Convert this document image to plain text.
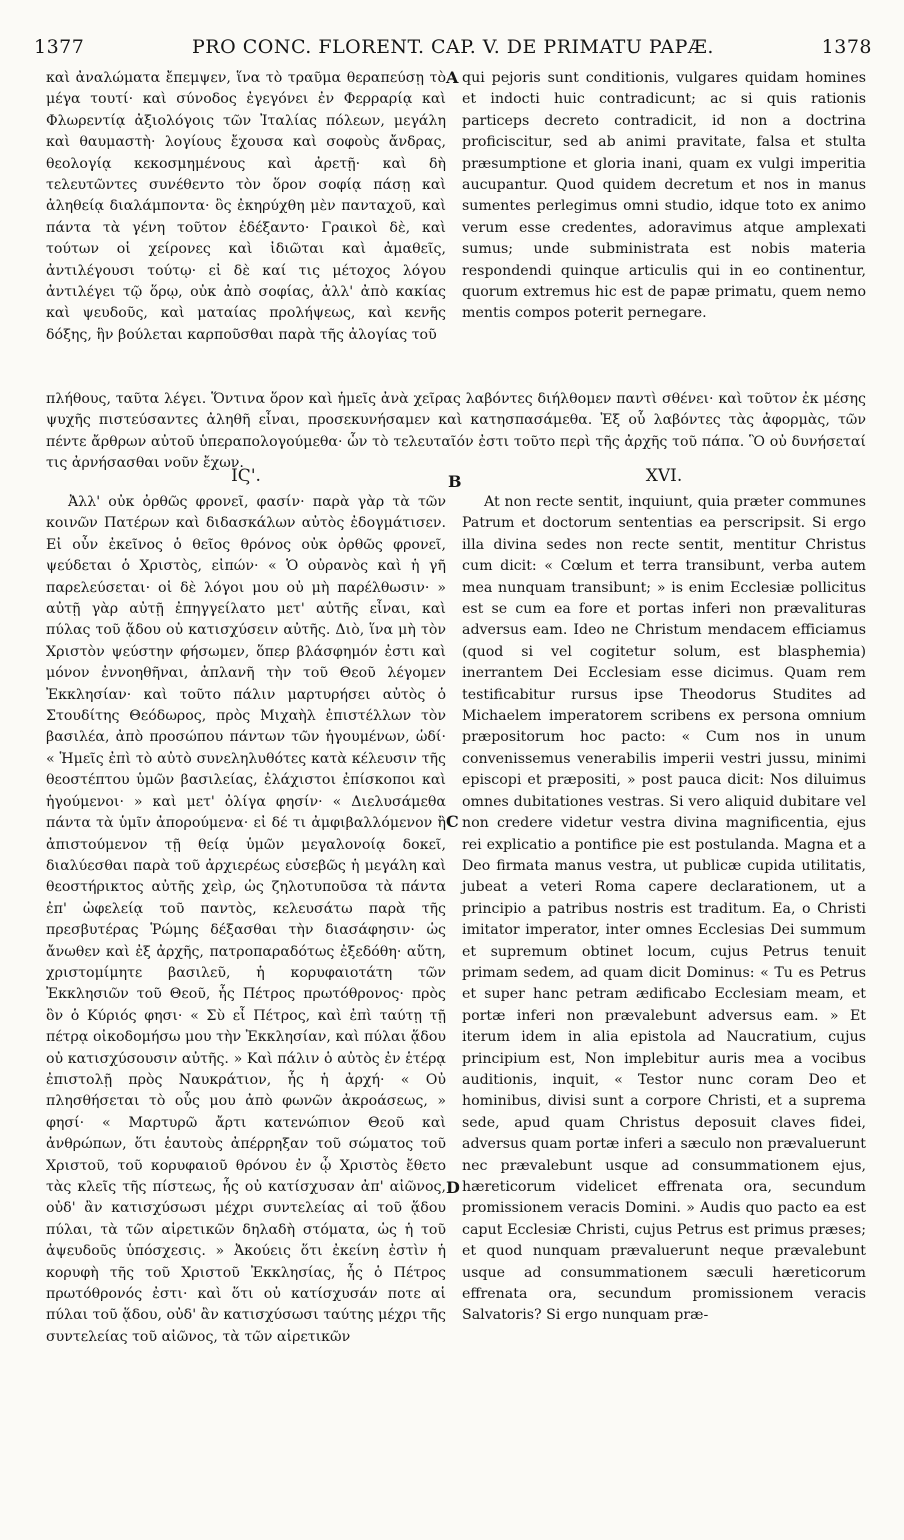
1377	PRO CONC. FLORENT. CAP. V. DE PRIMATU PAPÆ.	1378

καὶ ἀναλώματα ἔπεμψεν, ἵνα τὸ τραῦμα θεραπεύσῃ τὸ μέγα τουτί· καὶ σύνοδος ἐγεγόνει ἐν Φερραρίᾳ καὶ Φλωρεντίᾳ ἀξιολόγοις τῶν Ἰταλίας πόλεων, μεγάλη καὶ θαυμαστὴ· λογίους ἔχουσα καὶ σοφοὺς ἄνδρας, θεολογίᾳ κεκοσμημένους καὶ ἀρετῇ· καὶ δὴ τελευτῶντες συνέθεντο τὸν ὅρον σοφίᾳ πάσῃ καὶ ἀληθείᾳ διαλάμποντα· ὃς ἐκηρύχθη μὲν πανταχοῦ, καὶ πάντα τὰ γένη τοῦτον ἐδέξαντο· Γραικοὶ δὲ, καὶ τούτων οἱ χείρονες καὶ ἰδιῶται καὶ ἀμαθεῖς, ἀντιλέγουσι τούτῳ· εἰ δὲ καί τις μέτοχος λόγου ἀντιλέγει τῷ ὅρῳ, οὐκ ἀπὸ σοφίας, ἀλλ' ἀπὸ κακίας καὶ ψευδοῦς, καὶ ματαίας προλήψεως, καὶ κενῆς δόξης, ἣν βούλεται καρποῦσθαι παρὰ τῆς ἀλογίας τοῦ

qui pejoris sunt conditionis, vulgares quidam homines et indocti huic contradicunt; ac si quis rationis particeps decreto contradicit, id non a doctrina proficiscitur, sed ab animi pravitate, falsa et stulta præsumptione et gloria inani, quam ex vulgi imperitia aucupantur. Quod quidem decretum et nos in manus sumentes perlegimus omni studio, idque toto ex animo verum esse credentes, adoravimus atque amplexati sumus; unde subministrata est nobis materia respondendi quinque articulis qui in eo continentur, quorum extremus hic est de papæ primatu, quem nemo mentis compos poterit pernegare.

A

πλήθους, ταῦτα λέγει. Ὅντινα ὅρον καὶ ἡμεῖς ἀνὰ χεῖρας λαβόντες διήλθομεν παντὶ σθένει· καὶ τοῦτον ἐκ μέσης ψυχῆς πιστεύσαντες ἀληθῆ εἶναι, προσεκυνήσαμεν καὶ κατησπασάμεθα. Ἐξ οὗ λαβόντες τὰς ἀφορμὰς, τῶν πέντε ἄρθρων αὐτοῦ ὑπεραπολογούμεθα· ὧν τὸ τελευταῖόν ἐστι τοῦτο περὶ τῆς ἀρχῆς τοῦ πάπα. Ὃ οὐ δυνήσεταί τις ἀρνήσασθαι νοῦν ἔχων.

ΙϚ'.	B	XVI.

Ἀλλ' οὐκ ὀρθῶς φρονεῖ, φασίν· παρὰ γὰρ τὰ τῶν κοινῶν Πατέρων καὶ διδασκάλων αὐτὸς ἐδογμάτισεν. Εἰ οὖν ἐκεῖνος ὁ θεῖος θρόνος οὐκ ὀρθῶς φρονεῖ, ψεύδεται ὁ Χριστὸς, εἰπών· « Ὁ οὐρανὸς καὶ ἡ γῆ παρελεύσεται· οἱ δὲ λόγοι μου οὐ μὴ παρέλθωσιν· » αὐτῇ γὰρ αὐτῇ ἐπηγγείλατο μετ' αὐτῆς εἶναι, καὶ πύλας τοῦ ᾅδου οὐ κατισχύσειν αὐτῆς. Διὸ, ἵνα μὴ τὸν Χριστὸν ψεύστην φήσωμεν, ὅπερ βλάσφημόν ἐστι καὶ μόνον ἐννοηθῆναι, ἀπλανῆ τὴν τοῦ Θεοῦ λέγομεν Ἐκκλησίαν· καὶ τοῦτο πάλιν μαρτυρήσει αὐτὸς ὁ Στουδίτης Θεόδωρος, πρὸς Μιχαὴλ ἐπιστέλλων τὸν βασιλέα, ἀπὸ προσώπου πάντων τῶν ἡγουμένων, ὡδί· « Ἡμεῖς ἐπὶ τὸ αὐτὸ συνεληλυθότες κατὰ κέλευσιν τῆς θεοστέπτου ὑμῶν βασιλείας, ἐλάχιστοι ἐπίσκοποι καὶ ἡγούμενοι· » καὶ μετ' ὀλίγα φησίν· « Διελυσάμεθα πάντα τὰ ὑμῖν ἀπορούμενα· εἰ δέ τι ἀμφιβαλλόμενον ἢ ἀπιστούμενον τῇ θείᾳ ὑμῶν μεγαλονοίᾳ δοκεῖ, διαλύεσθαι παρὰ τοῦ ἀρχιερέως εὐσεβῶς ἡ μεγάλη καὶ θεοστήρικτος αὐτῆς χεὶρ, ὡς ζηλοτυποῦσα τὰ πάντα ἐπ' ὠφελείᾳ τοῦ παντὸς, κελευσάτω παρὰ τῆς πρεσβυτέρας Ῥώμης δέξασθαι τὴν διασάφησιν· ὡς ἄνωθεν καὶ ἐξ ἀρχῆς, πατροπαραδότως ἐξεδόθη· αὕτη, χριστομίμητε βασιλεῦ, ἡ κορυφαιοτάτη τῶν Ἐκκλησιῶν τοῦ Θεοῦ, ἧς Πέτρος πρωτόθρονος· πρὸς ὃν ὁ Κύριός φησι· « Σὺ εἶ Πέτρος, καὶ ἐπὶ ταύτῃ τῇ πέτρᾳ οἰκοδομήσω μου τὴν Ἐκκλησίαν, καὶ πύλαι ᾅδου οὐ κατισχύσουσιν αὐτῆς. » Καὶ πάλιν ὁ αὐτὸς ἐν ἑτέρᾳ ἐπιστολῇ πρὸς Ναυκράτιον, ἧς ἡ ἀρχή· « Οὐ πλησθήσεται τὸ οὖς μου ἀπὸ φωνῶν ἀκροάσεως, » φησί· « Μαρτυρῶ ἄρτι κατενώπιον Θεοῦ καὶ ἀνθρώπων, ὅτι ἑαυτοὺς ἀπέρρηξαν τοῦ σώματος τοῦ Χριστοῦ, τοῦ κορυφαιοῦ θρόνου ἐν ᾧ Χριστὸς ἔθετο τὰς κλεῖς τῆς πίστεως, ἧς οὐ κατίσχυσαν ἀπ' αἰῶνος, οὐδ' ἂν κατισχύσωσι μέχρι συντελείας αἱ τοῦ ᾅδου πύλαι, τὰ τῶν αἱρετικῶν δηλαδὴ στόματα, ὡς ἡ τοῦ ἀψευδοῦς ὑπόσχεσις. » Ἀκούεις ὅτι ἐκείνη ἐστὶν ἡ κορυφὴ τῆς τοῦ Χριστοῦ Ἐκκλησίας, ἧς ὁ Πέτρος πρωτόθρονός ἐστι· καὶ ὅτι οὐ κατίσχυσάν ποτε αἱ πύλαι τοῦ ᾅδου, οὐδ' ἂν κατισχύσωσι ταύτης μέχρι τῆς συντελείας τοῦ αἰῶνος, τὰ τῶν αἱρετικῶν

At non recte sentit, inquiunt, quia præter communes Patrum et doctorum sententias ea perscripsit. Si ergo illa divina sedes non recte sentit, mentitur Christus cum dicit: « Cœlum et terra transibunt, verba autem mea nunquam transibunt; » is enim Ecclesiæ pollicitus est se cum ea fore et portas inferi non prævalituras adversus eam. Ideo ne Christum mendacem efficiamus (quod si vel cogitetur solum, est blasphemia) inerrantem Dei Ecclesiam esse dicimus. Quam rem testificabitur rursus ipse Theodorus Studites ad Michaelem imperatorem scribens ex persona omnium præpositorum hoc pacto: « Cum nos in unum convenissemus venerabilis imperii vestri jussu, minimi episcopi et præpositi, » post pauca dicit: Nos diluimus omnes dubitationes vestras. Si vero aliquid dubitare vel non credere videtur vestra divina magnificentia, ejus rei explicatio a pontifice pie est postulanda. Magna et a Deo firmata manus vestra, ut publicæ cupida utilitatis, jubeat a veteri Roma capere declarationem, ut a principio a patribus nostris est traditum. Ea, o Christi imitator imperator, inter omnes Ecclesias Dei summum et supremum obtinet locum, cujus Petrus tenuit primam sedem, ad quam dicit Dominus: « Tu es Petrus et super hanc petram ædificabo Ecclesiam meam, et portæ inferi non prævalebunt adversus eam. » Et iterum idem in alia epistola ad Naucratium, cujus principium est, Non implebitur auris mea a vocibus auditionis, inquit, « Testor nunc coram Deo et hominibus, divisi sunt a corpore Christi, et a suprema sede, apud quam Christus deposuit claves fidei, adversus quam portæ inferi a sæculo non prævaluerunt nec prævalebunt usque ad consummationem ejus, hæreticorum videlicet effrenata ora, secundum promissionem veracis Domini. » Audis quo pacto ea est caput Ecclesiæ Christi, cujus Petrus est primus præses; et quod nunquam prævaluerunt neque prævalebunt usque ad consummationem sæculi hæreticorum effrenata ora, secundum promissionem veracis Salvatoris? Si ergo nunquam præ-

C
D
